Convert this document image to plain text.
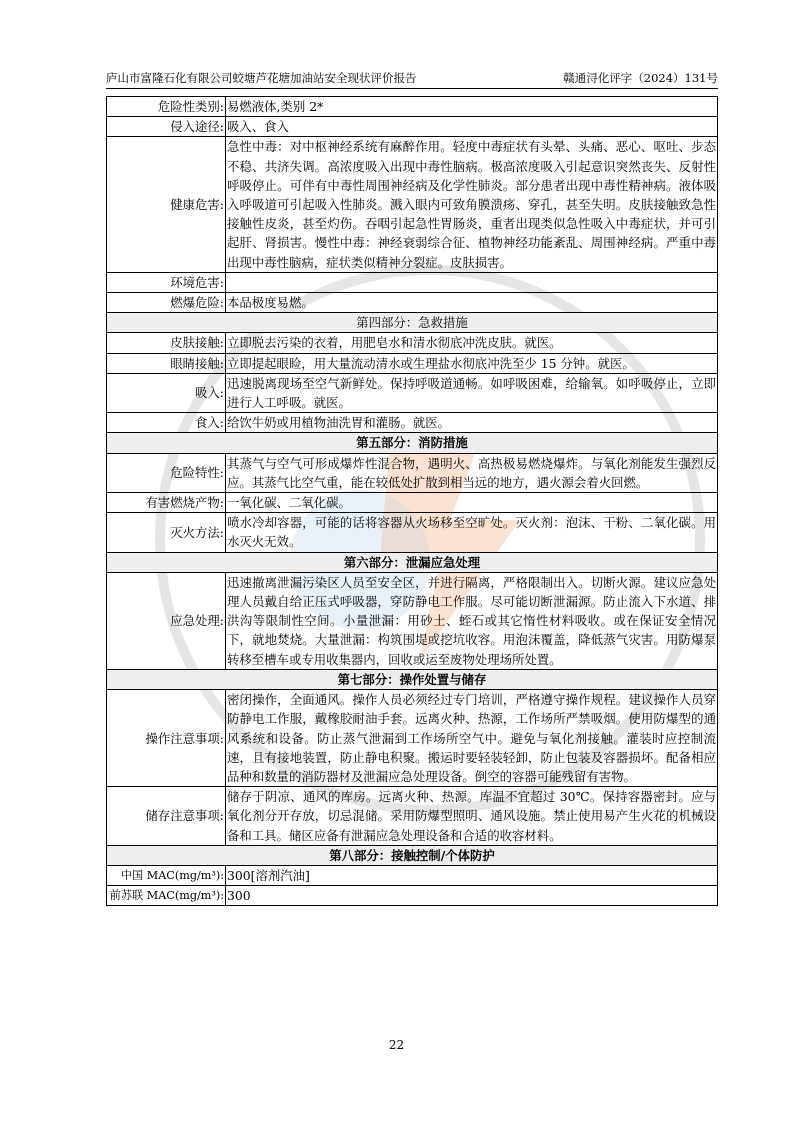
庐山市富隆石化有限公司蛟塘芦花塘加油站安全现状评价报告	赣通浔化评字（2024）131号
危险性类别:	易燃液体,类别 2*
侵入途径:	吸入、食入
健康危害:	急性中毒：对中枢神经系统有麻醉作用。轻度中毒症状有头晕、头痛、恶心、呕吐、步态不稳、共济失调。高浓度吸入出现中毒性脑病。极高浓度吸入引起意识突然丧失、反射性呼吸停止。可伴有中毒性周围神经病及化学性肺炎。部分患者出现中毒性精神病。液体吸入呼吸道可引起吸入性肺炎。溅入眼内可致角膜溃疡、穿孔，甚至失明。皮肤接触致急性接触性皮炎，甚至灼伤。吞咽引起急性胃肠炎，重者出现类似急性吸入中毒症状，并可引起肝、肾损害。慢性中毒：神经衰弱综合征、植物神经功能紊乱、周围神经病。严重中毒出现中毒性脑病，症状类似精神分裂症。皮肤损害。
环境危害:	
燃爆危险:	本品极度易燃。
第四部分：急救措施	
皮肤接触:	立即脱去污染的衣着，用肥皂水和清水彻底冲洗皮肤。就医。
眼睛接触:	立即提起眼睑，用大量流动清水或生理盐水彻底冲洗至少 15 分钟。就医。
吸入:	迅速脱离现场至空气新鲜处。保持呼吸道通畅。如呼吸困难，给输氧。如呼吸停止，立即进行人工呼吸。就医。
食入:	给饮牛奶或用植物油洗胃和灌肠。就医。
第五部分：消防措施	
危险特性:	其蒸气与空气可形成爆炸性混合物，遇明火、高热极易燃烧爆炸。与氧化剂能发生强烈反应。其蒸气比空气重，能在较低处扩散到相当远的地方，遇火源会着火回燃。
有害燃烧产物:	一氧化碳、二氧化碳。
灭火方法:	喷水冷却容器，可能的话将容器从火场移至空旷处。灭火剂：泡沫、干粉、二氧化碳。用水灭火无效。
第六部分：泄漏应急处理	
应急处理:	迅速撤离泄漏污染区人员至安全区，并进行隔离，严格限制出入。切断火源。建议应急处理人员戴自给正压式呼吸器，穿防静电工作服。尽可能切断泄漏源。防止流入下水道、排洪沟等限制性空间。小量泄漏：用砂土、蛭石或其它惰性材料吸收。或在保证安全情况下，就地焚烧。大量泄漏：构筑围堤或挖坑收容。用泡沫覆盖，降低蒸气灾害。用防爆泵转移至槽车或专用收集器内，回收或运至废物处理场所处置。
第七部分：操作处置与储存	
操作注意事项:	密闭操作，全面通风。操作人员必须经过专门培训，严格遵守操作规程。建议操作人员穿防静电工作服，戴橡胶耐油手套。远离火种、热源，工作场所严禁吸烟。使用防爆型的通风系统和设备。防止蒸气泄漏到工作场所空气中。避免与氧化剂接触。灌装时应控制流速，且有接地装置，防止静电积聚。搬运时要轻装轻卸，防止包装及容器损坏。配备相应品种和数量的消防器材及泄漏应急处理设备。倒空的容器可能残留有害物。
储存注意事项:	储存于阴凉、通风的库房。远离火种、热源。库温不宜超过 30℃。保持容器密封。应与氧化剂分开存放，切忌混储。采用防爆型照明、通风设施。禁止使用易产生火花的机械设备和工具。储区应备有泄漏应急处理设备和合适的收容材料。
第八部分：接触控制/个体防护	
中国 MAC(mg/m³):	300[溶剂汽油]
前苏联 MAC(mg/m³):	300
22
